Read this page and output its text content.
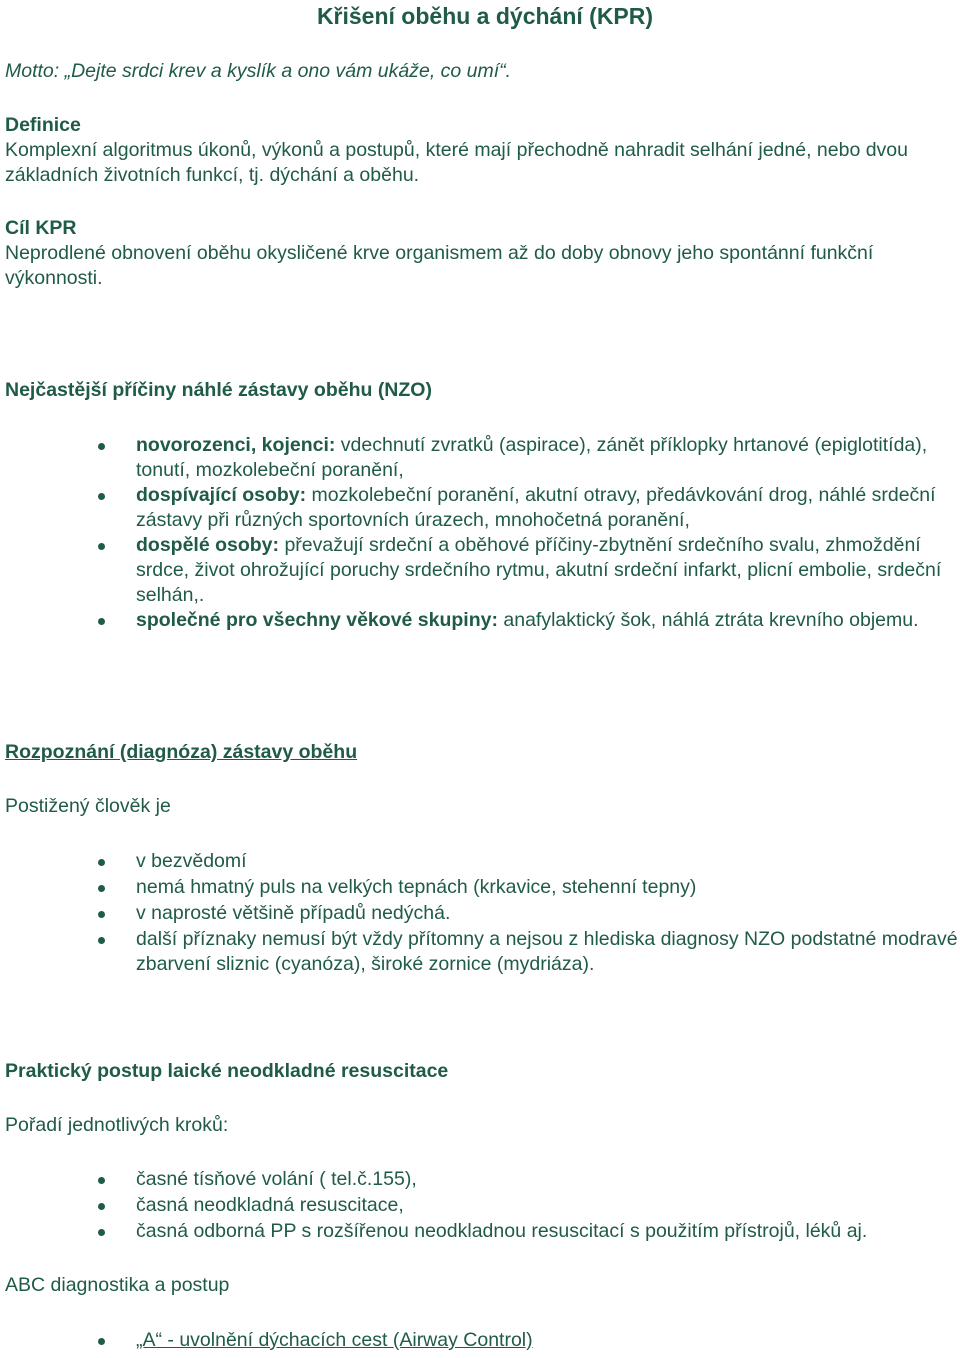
Křišení oběhu a dýchání (KPR)
Motto: „Dejte srdci krev a kyslík a ono vám ukáže, co umí“.
Definice
Komplexní algoritmus úkonů, výkonů a postupů, které mají přechodně nahradit selhání jedné, nebo dvou základních životních funkcí, tj. dýchání a oběhu.
Cíl KPR
Neprodlené obnovení oběhu okysličené krve organismem až do doby obnovy jeho spontánní funkční výkonnosti.
Nejčastější příčiny náhlé zástavy oběhu (NZO)
novorozenci, kojenci: vdechnutí zvratků (aspirace), zánět příklopky hrtanové (epiglotitída), tonutí, mozkolebeční poranění,
dospívající osoby: mozkolebeční poranění, akutní otravy, předávkování drog, náhlé srdeční zástavy při různých sportovních úrazech, mnohočetná poranění,
dospělé osoby: převažují srdeční a oběhové příčiny-zbytnění srdečního svalu, zhmoždění srdce, život ohrožující poruchy srdečního rytmu, akutní srdeční infarkt, plicní embolie, srdeční selhán,.
společné pro všechny věkové skupiny: anafylaktický šok, náhlá ztráta krevního objemu.
Rozpoznání (diagnóza) zástavy oběhu
Postižený člověk je
v bezvědomí
nemá hmatný puls na velkých tepnách (krkavice, stehenní tepny)
v naprosté většině případů nedýchá.
další příznaky nemusí být vždy přítomny a nejsou z hlediska diagnosy NZO podstatné modravé zbarvení sliznic (cyanóza), široké zornice (mydriáza).
Praktický postup laické neodkladné resuscitace
Pořadí jednotlivých kroků:
časné tísňové volání ( tel.č.155),
časná neodkladná resuscitace,
časná odborná PP s rozšířenou neodkladnou resuscitací s použitím přístrojů, léků aj.
ABC diagnostika a postup
„A“ - uvolnění dýchacích cest (Airway Control)
